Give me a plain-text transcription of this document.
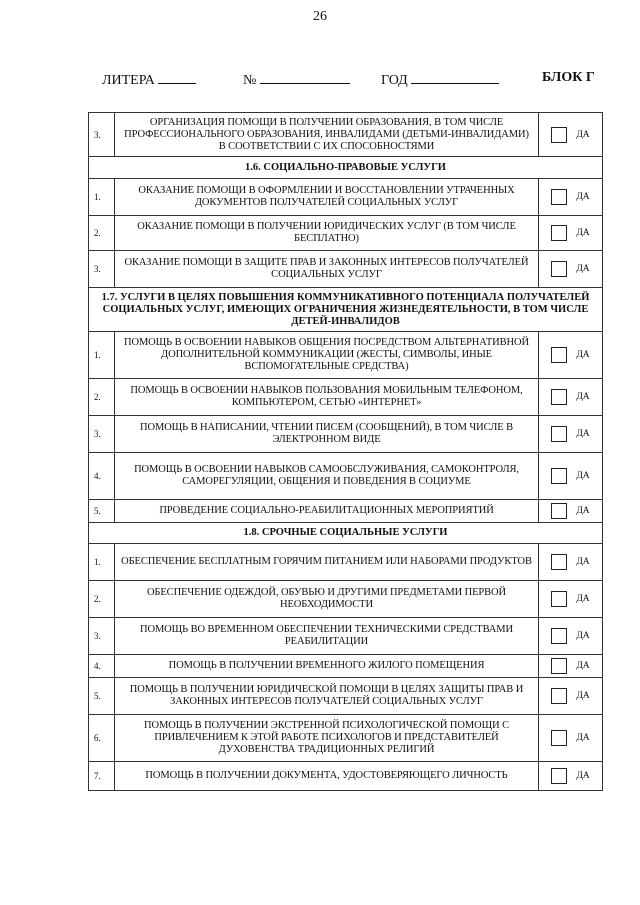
26
ЛИТЕРА	№	ГОД	БЛОК Г
3.	ОРГАНИЗАЦИЯ ПОМОЩИ В ПОЛУЧЕНИИ ОБРАЗОВАНИЯ, В ТОМ ЧИСЛЕ ПРОФЕССИОНАЛЬНОГО ОБРАЗОВАНИЯ, ИНВАЛИДАМИ (ДЕТЬМИ-ИНВАЛИДАМИ) В СООТВЕТСТВИИ С ИХ СПОСОБНОСТЯМИ	ДА

1.6. СОЦИАЛЬНО-ПРАВОВЫЕ УСЛУГИ		
1.	ОКАЗАНИЕ ПОМОЩИ В ОФОРМЛЕНИИ И ВОССТАНОВЛЕНИИ УТРАЧЕННЫХ ДОКУМЕНТОВ ПОЛУЧАТЕЛЕЙ СОЦИАЛЬНЫХ УСЛУГ	ДА

2.	ОКАЗАНИЕ ПОМОЩИ В ПОЛУЧЕНИИ ЮРИДИЧЕСКИХ УСЛУГ (В ТОМ ЧИСЛЕ БЕСПЛАТНО)	ДА

3.	ОКАЗАНИЕ ПОМОЩИ В ЗАЩИТЕ ПРАВ И ЗАКОННЫХ ИНТЕРЕСОВ ПОЛУЧАТЕЛЕЙ СОЦИАЛЬНЫХ УСЛУГ	ДА

1.7. УСЛУГИ В ЦЕЛЯХ ПОВЫШЕНИЯ КОММУНИКАТИВНОГО ПОТЕНЦИАЛА ПОЛУЧАТЕЛЕЙ СОЦИАЛЬНЫХ УСЛУГ, ИМЕЮЩИХ ОГРАНИЧЕНИЯ ЖИЗНЕДЕЯТЕЛЬНОСТИ, В ТОМ ЧИСЛЕ ДЕТЕЙ-ИНВАЛИДОВ		
1.	ПОМОЩЬ В ОСВОЕНИИ НАВЫКОВ ОБЩЕНИЯ ПОСРЕДСТВОМ АЛЬТЕРНАТИВНОЙ ДОПОЛНИТЕЛЬНОЙ КОММУНИКАЦИИ (ЖЕСТЫ, СИМВОЛЫ, ИНЫЕ ВСПОМОГАТЕЛЬНЫЕ СРЕДСТВА)	ДА

2.	ПОМОЩЬ В ОСВОЕНИИ НАВЫКОВ ПОЛЬЗОВАНИЯ МОБИЛЬНЫМ ТЕЛЕФОНОМ, КОМПЬЮТЕРОМ, СЕТЬЮ «ИНТЕРНЕТ»	ДА

3.	ПОМОЩЬ В НАПИСАНИИ, ЧТЕНИИ ПИСЕМ (СООБЩЕНИЙ), В ТОМ ЧИСЛЕ В ЭЛЕКТРОННОМ ВИДЕ	ДА

4.	ПОМОЩЬ В ОСВОЕНИИ НАВЫКОВ САМООБСЛУЖИВАНИЯ, САМОКОНТРОЛЯ, САМОРЕГУЛЯЦИИ, ОБЩЕНИЯ И ПОВЕДЕНИЯ В СОЦИУМЕ	ДА

5.	ПРОВЕДЕНИЕ СОЦИАЛЬНО-РЕАБИЛИТАЦИОННЫХ МЕРОПРИЯТИЙ	ДА

1.8. СРОЧНЫЕ СОЦИАЛЬНЫЕ УСЛУГИ		
1.	ОБЕСПЕЧЕНИЕ БЕСПЛАТНЫМ ГОРЯЧИМ ПИТАНИЕМ ИЛИ НАБОРАМИ ПРОДУКТОВ	ДА

2.	ОБЕСПЕЧЕНИЕ ОДЕЖДОЙ, ОБУВЬЮ И ДРУГИМИ ПРЕДМЕТАМИ ПЕРВОЙ НЕОБХОДИМОСТИ	ДА

3.	ПОМОЩЬ ВО ВРЕМЕННОМ ОБЕСПЕЧЕНИИ ТЕХНИЧЕСКИМИ СРЕДСТВАМИ РЕАБИЛИТАЦИИ	ДА

4.	ПОМОЩЬ В ПОЛУЧЕНИИ ВРЕМЕННОГО ЖИЛОГО ПОМЕЩЕНИЯ	ДА

5.	ПОМОЩЬ В ПОЛУЧЕНИИ ЮРИДИЧЕСКОЙ ПОМОЩИ В ЦЕЛЯХ ЗАЩИТЫ ПРАВ И ЗАКОННЫХ ИНТЕРЕСОВ ПОЛУЧАТЕЛЕЙ СОЦИАЛЬНЫХ УСЛУГ	ДА

6.	ПОМОЩЬ В ПОЛУЧЕНИИ ЭКСТРЕННОЙ ПСИХОЛОГИЧЕСКОЙ ПОМОЩИ С ПРИВЛЕЧЕНИЕМ К ЭТОЙ РАБОТЕ ПСИХОЛОГОВ И ПРЕДСТАВИТЕЛЕЙ ДУХОВЕНСТВА ТРАДИЦИОННЫХ РЕЛИГИЙ	ДА

7.	ПОМОЩЬ В ПОЛУЧЕНИИ ДОКУМЕНТА, УДОСТОВЕРЯЮЩЕГО ЛИЧНОСТЬ	ДА
